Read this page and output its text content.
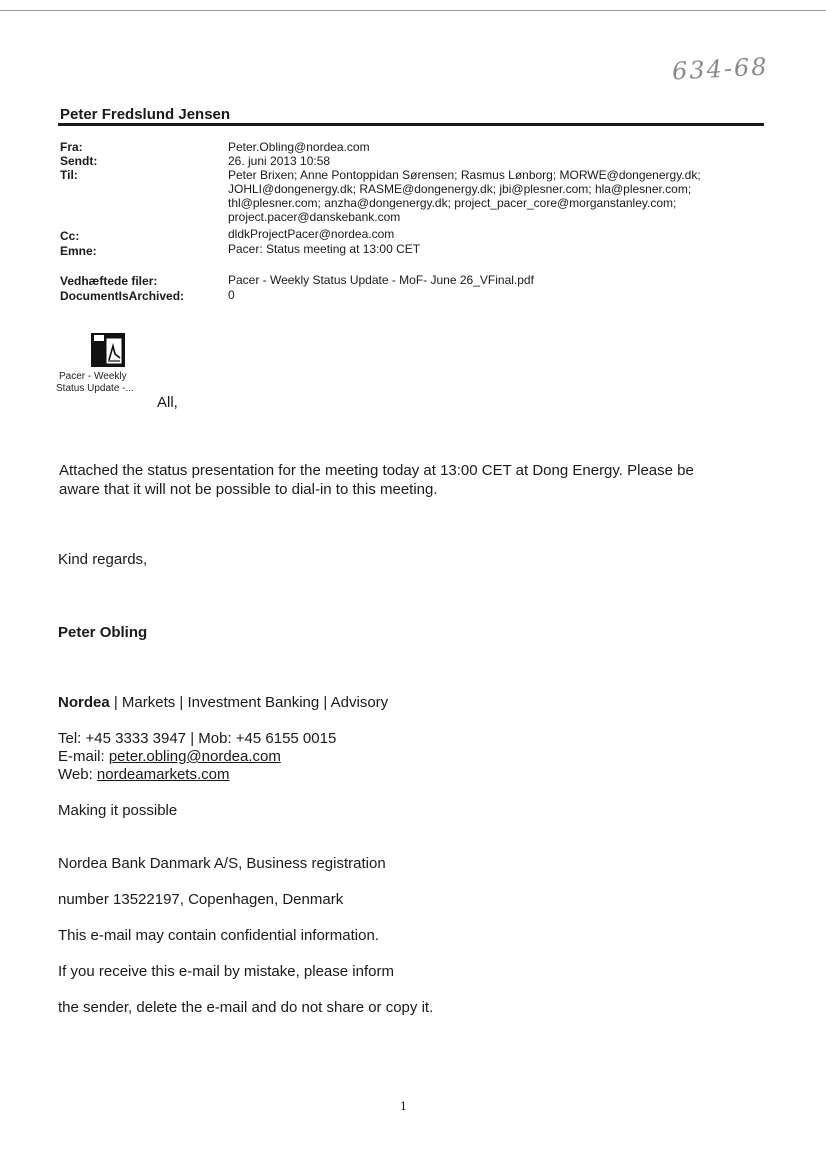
634-68
Peter Fredslund Jensen
Fra:	Peter.Obling@nordea.com
Sendt:	26. juni 2013 10:58
Til:	Peter Brixen; Anne Pontoppidan Sørensen; Rasmus Lønborg; MORWE@dongenergy.dk;
JOHLI@dongenergy.dk; RASME@dongenergy.dk; jbi@plesner.com; hla@plesner.com;
thl@plesner.com; anzha@dongenergy.dk; project_pacer_core@morganstanley.com;
project.pacer@danskebank.com
Cc:	dldkProjectPacer@nordea.com
Emne:	Pacer: Status meeting at 13:00 CET
Vedhæftede filer:	Pacer - Weekly Status Update - MoF- June 26_VFinal.pdf
DocumentIsArchived:	0
Pacer - Weekly
Status Update -...
All,
Attached the status presentation for the meeting today at 13:00 CET at Dong Energy. Please be
aware that it will not be possible to dial-in to this meeting.
Kind regards,
Peter Obling
Nordea | Markets | Investment Banking | Advisory
Tel: +45 3333 3947 | Mob: +45 6155 0015
E-mail: peter.obling@nordea.com
Web: nordeamarkets.com
Making it possible
Nordea Bank Danmark A/S, Business registration
number 13522197, Copenhagen, Denmark
This e-mail may contain confidential information.
If you receive this e-mail by mistake, please inform
the sender, delete the e-mail and do not share or copy it.
1
